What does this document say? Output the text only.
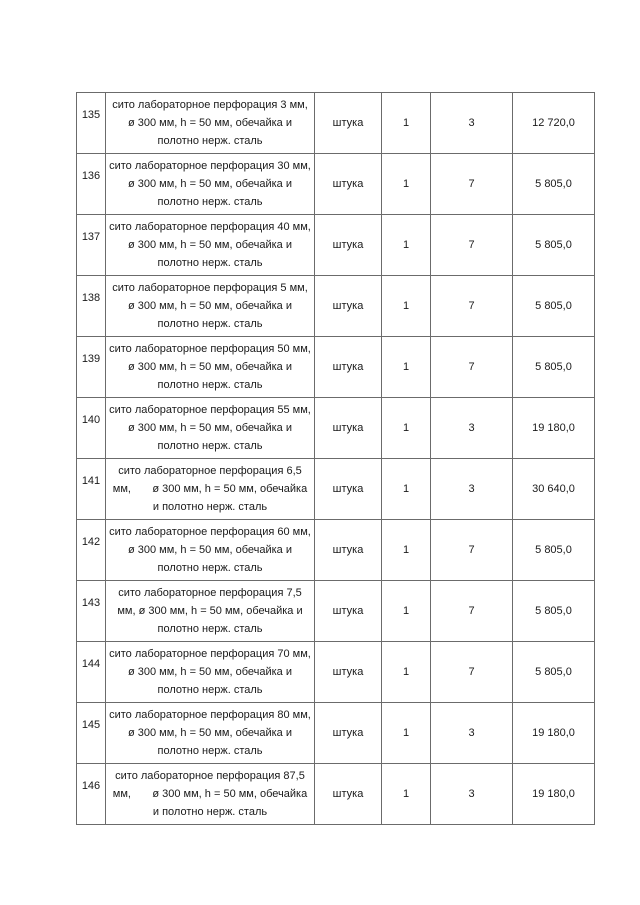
135	сито лабораторное перфорация 3 мм,
ø 300 мм, h = 50 мм, обечайка и
полотно нерж. сталь	штука	1	3	12 720,0

136	сито лабораторное перфорация 30 мм,
ø 300 мм, h = 50 мм, обечайка и
полотно нерж. сталь	штука	1	7	5 805,0

137	сито лабораторное перфорация 40 мм,
ø 300 мм, h = 50 мм, обечайка и
полотно нерж. сталь	штука	1	7	5 805,0

138	сито лабораторное перфорация 5 мм,
ø 300 мм, h = 50 мм, обечайка и
полотно нерж. сталь	штука	1	7	5 805,0

139	сито лабораторное перфорация 50 мм,
ø 300 мм, h = 50 мм, обечайка и
полотно нерж. сталь	штука	1	7	5 805,0

140	сито лабораторное перфорация 55 мм,
ø 300 мм, h = 50 мм, обечайка и
полотно нерж. сталь	штука	1	3	19 180,0

141	сито лабораторное перфорация 6,5
мм,       ø 300 мм, h = 50 мм, обечайка
и полотно нерж. сталь	штука	1	3	30 640,0

142	сито лабораторное перфорация 60 мм,
ø 300 мм, h = 50 мм, обечайка и
полотно нерж. сталь	штука	1	7	5 805,0

143	сито лабораторное перфорация 7,5
мм, ø 300 мм, h = 50 мм, обечайка и
полотно нерж. сталь	штука	1	7	5 805,0

144	сито лабораторное перфорация 70 мм,
ø 300 мм, h = 50 мм, обечайка и
полотно нерж. сталь	штука	1	7	5 805,0

145	сито лабораторное перфорация 80 мм,
ø 300 мм, h = 50 мм, обечайка и
полотно нерж. сталь	штука	1	3	19 180,0

146	сито лабораторное перфорация 87,5
мм,       ø 300 мм, h = 50 мм, обечайка
и полотно нерж. сталь	штука	1	3	19 180,0
